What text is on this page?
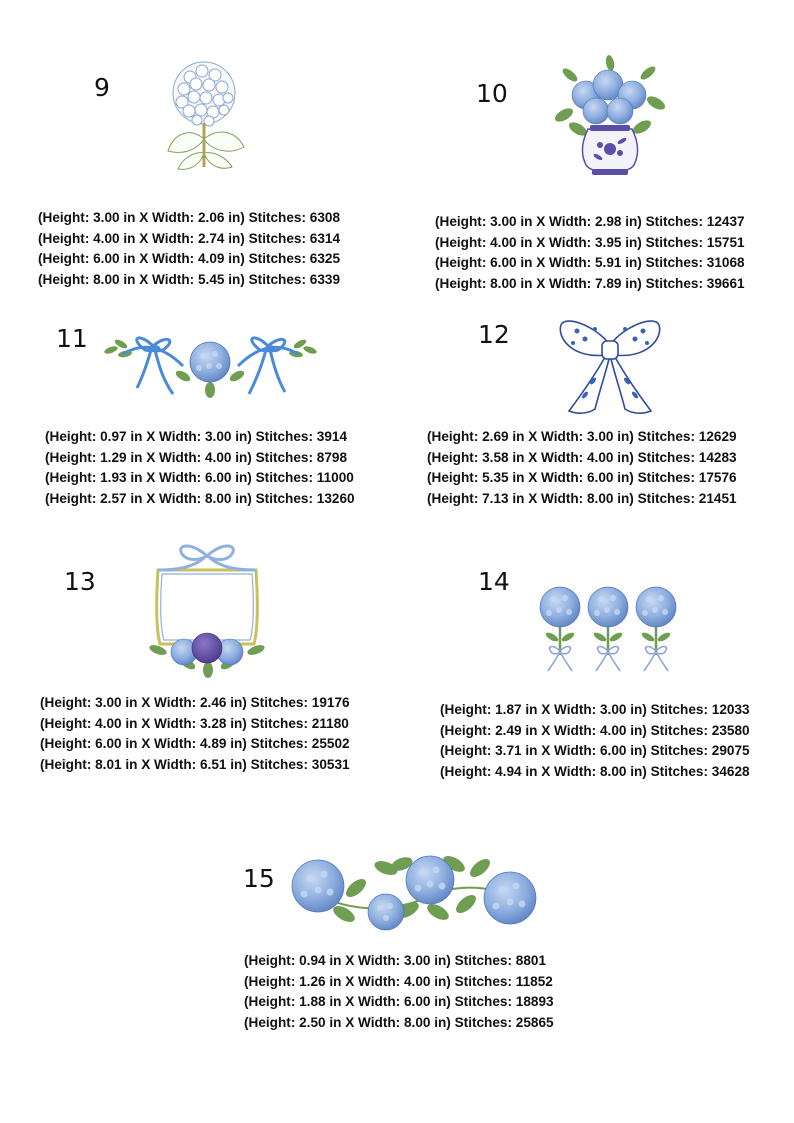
9
(Height: 3.00 in X Width: 2.06 in) Stitches: 6308
(Height: 4.00 in X Width: 2.74 in) Stitches: 6314
(Height: 6.00 in X Width: 4.09 in) Stitches: 6325
(Height: 8.00 in X Width: 5.45 in) Stitches: 6339
10
(Height: 3.00 in X Width: 2.98 in) Stitches: 12437
(Height: 4.00 in X Width: 3.95 in) Stitches: 15751
(Height: 6.00 in X Width: 5.91 in) Stitches: 31068
(Height: 8.00 in X Width: 7.89 in) Stitches: 39661
11
(Height: 0.97 in X Width: 3.00 in) Stitches: 3914
(Height: 1.29 in X Width: 4.00 in) Stitches: 8798
(Height: 1.93 in X Width: 6.00 in) Stitches: 11000
(Height: 2.57 in X Width: 8.00 in) Stitches: 13260
12
(Height: 2.69 in X Width: 3.00 in) Stitches: 12629
(Height: 3.58 in X Width: 4.00 in) Stitches: 14283
(Height: 5.35 in X Width: 6.00 in) Stitches: 17576
(Height: 7.13 in X Width: 8.00 in) Stitches: 21451
13
(Height: 3.00 in X Width: 2.46 in) Stitches: 19176
(Height: 4.00 in X Width: 3.28 in) Stitches: 21180
(Height: 6.00 in X Width: 4.89 in) Stitches: 25502
(Height: 8.01 in X Width: 6.51 in) Stitches: 30531
14
(Height: 1.87 in X Width: 3.00 in) Stitches: 12033
(Height: 2.49 in X Width: 4.00 in) Stitches: 23580
(Height: 3.71 in X Width: 6.00 in) Stitches: 29075
(Height: 4.94 in X Width: 8.00 in) Stitches: 34628
15
(Height: 0.94 in X Width: 3.00 in) Stitches: 8801
(Height: 1.26 in X Width: 4.00 in) Stitches: 11852
(Height: 1.88 in X Width: 6.00 in) Stitches: 18893
(Height: 2.50 in X Width: 8.00 in) Stitches: 25865
